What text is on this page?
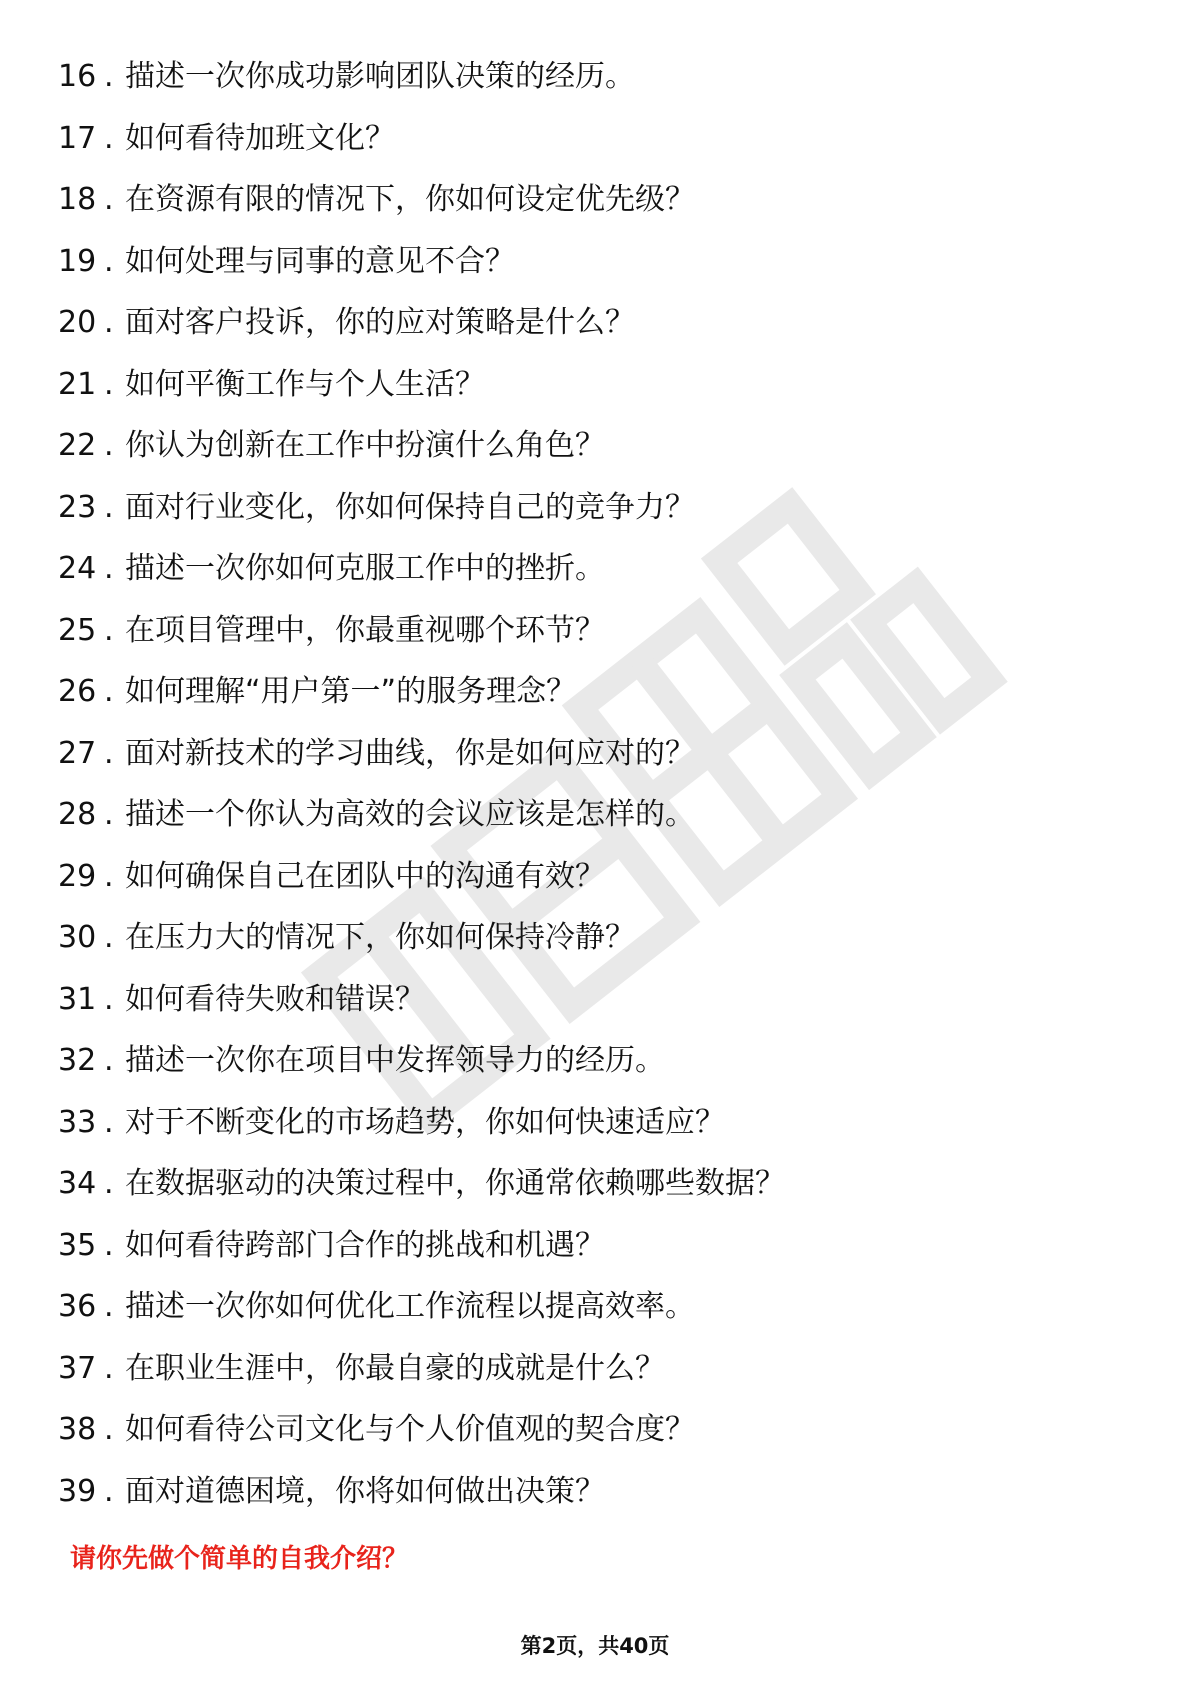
16 . 描述一次你成功影响团队决策的经历。
17 . 如何看待加班文化？
18 . 在资源有限的情况下，你如何设定优先级？
19 . 如何处理与同事的意见不合？
20 . 面对客户投诉，你的应对策略是什么？
21 . 如何平衡工作与个人生活？
22 . 你认为创新在工作中扮演什么角色？
23 . 面对行业变化，你如何保持自己的竞争力？
24 . 描述一次你如何克服工作中的挫折。
25 . 在项目管理中，你最重视哪个环节？
26 . 如何理解“用户第一”的服务理念？
27 . 面对新技术的学习曲线，你是如何应对的？
28 . 描述一个你认为高效的会议应该是怎样的。
29 . 如何确保自己在团队中的沟通有效？
30 . 在压力大的情况下，你如何保持冷静？
31 . 如何看待失败和错误？
32 . 描述一次你在项目中发挥领导力的经历。
33 . 对于不断变化的市场趋势，你如何快速适应？
34 . 在数据驱动的决策过程中，你通常依赖哪些数据？
35 . 如何看待跨部门合作的挑战和机遇？
36 . 描述一次你如何优化工作流程以提高效率。
37 . 在职业生涯中，你最自豪的成就是什么？
38 . 如何看待公司文化与个人价值观的契合度？
39 . 面对道德困境，你将如何做出决策？
请你先做个简单的自我介绍？
第2页，共40页
